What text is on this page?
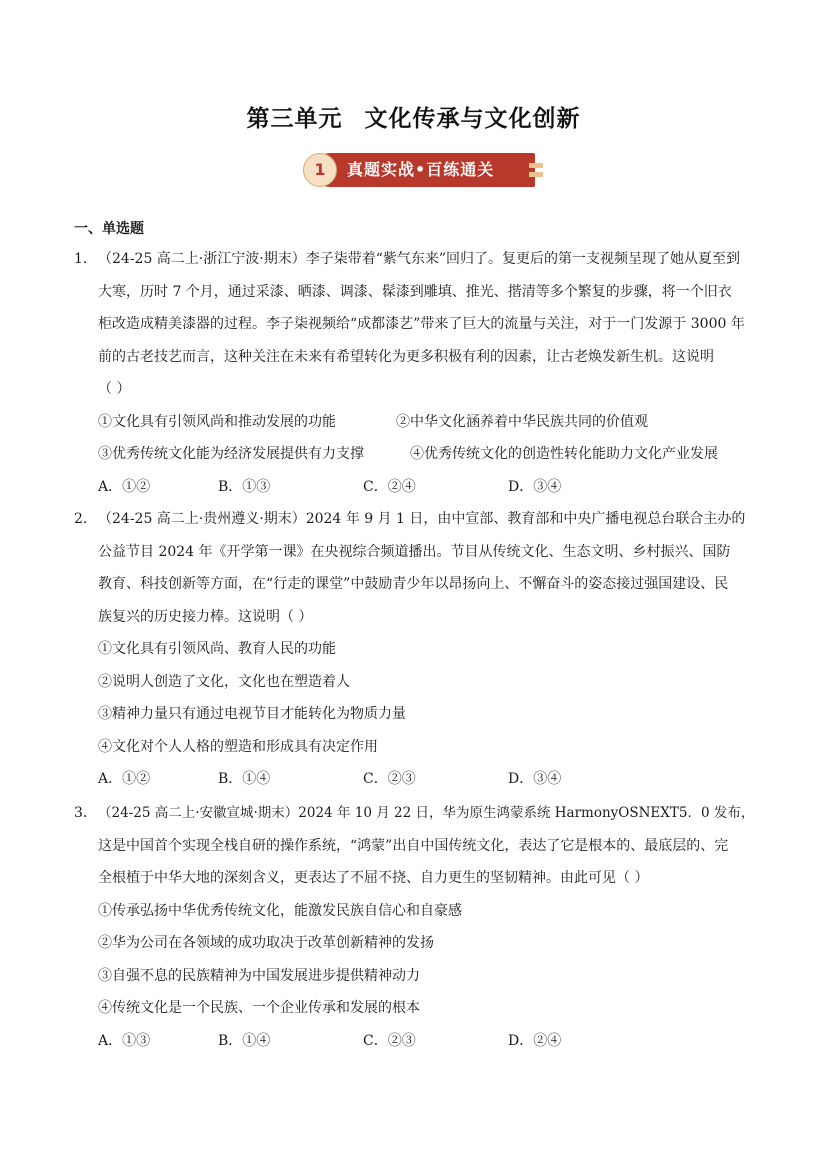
第三单元 文化传承与文化创新
1	真题实战•百练通关
一、单选题
1． （24-25 高二上·浙江宁波·期末）李子柒带着“紫气东来”回归了。复更后的第一支视频呈现了她从夏至到
大寒，历时 7 个月，通过采漆、晒漆、调漆、髹漆到雕填、推光、揩清等多个繁复的步骤，将一个旧衣
柜改造成精美漆器的过程。李子柒视频给“成都漆艺”带来了巨大的流量与关注，对于一门发源于 3000 年
前的古老技艺而言，这种关注在未来有希望转化为更多积极有利的因素，让古老焕发新生机。这说明
（ ）
①文化具有引领风尚和推动发展的功能	②中华文化涵养着中华民族共同的价值观
③优秀传统文化能为经济发展提供有力支撑	④优秀传统文化的创造性转化能助力文化产业发展
A．①②	B．①③	C．②④	D．③④
2． （24-25 高二上·贵州遵义·期末）2024 年 9 月 1 日，由中宣部、教育部和中央广播电视总台联合主办的
公益节目 2024 年《开学第一课》在央视综合频道播出。节目从传统文化、生态文明、乡村振兴、国防
教育、科技创新等方面，在“行走的课堂”中鼓励青少年以昂扬向上、不懈奋斗的姿态接过强国建设、民
族复兴的历史接力棒。这说明（ ）
①文化具有引领风尚、教育人民的功能
②说明人创造了文化，文化也在塑造着人
③精神力量只有通过电视节目才能转化为物质力量
④文化对个人人格的塑造和形成具有决定作用
A．①②	B．①④	C．②③	D．③④
3． （24-25 高二上·安徽宣城·期末）2024 年 10 月 22 日，华为原生鸿蒙系统 HarmonyOSNEXT5．0 发布，
这是中国首个实现全栈自研的操作系统，“鸿蒙”出自中国传统文化，表达了它是根本的、最底层的、完
全根植于中华大地的深刻含义，更表达了不屈不挠、自力更生的坚韧精神。由此可见（ ）
①传承弘扬中华优秀传统文化，能激发民族自信心和自豪感
②华为公司在各领域的成功取决于改革创新精神的发扬
③自强不息的民族精神为中国发展进步提供精神动力
④传统文化是一个民族、一个企业传承和发展的根本
A．①③	B．①④	C．②③	D．②④
